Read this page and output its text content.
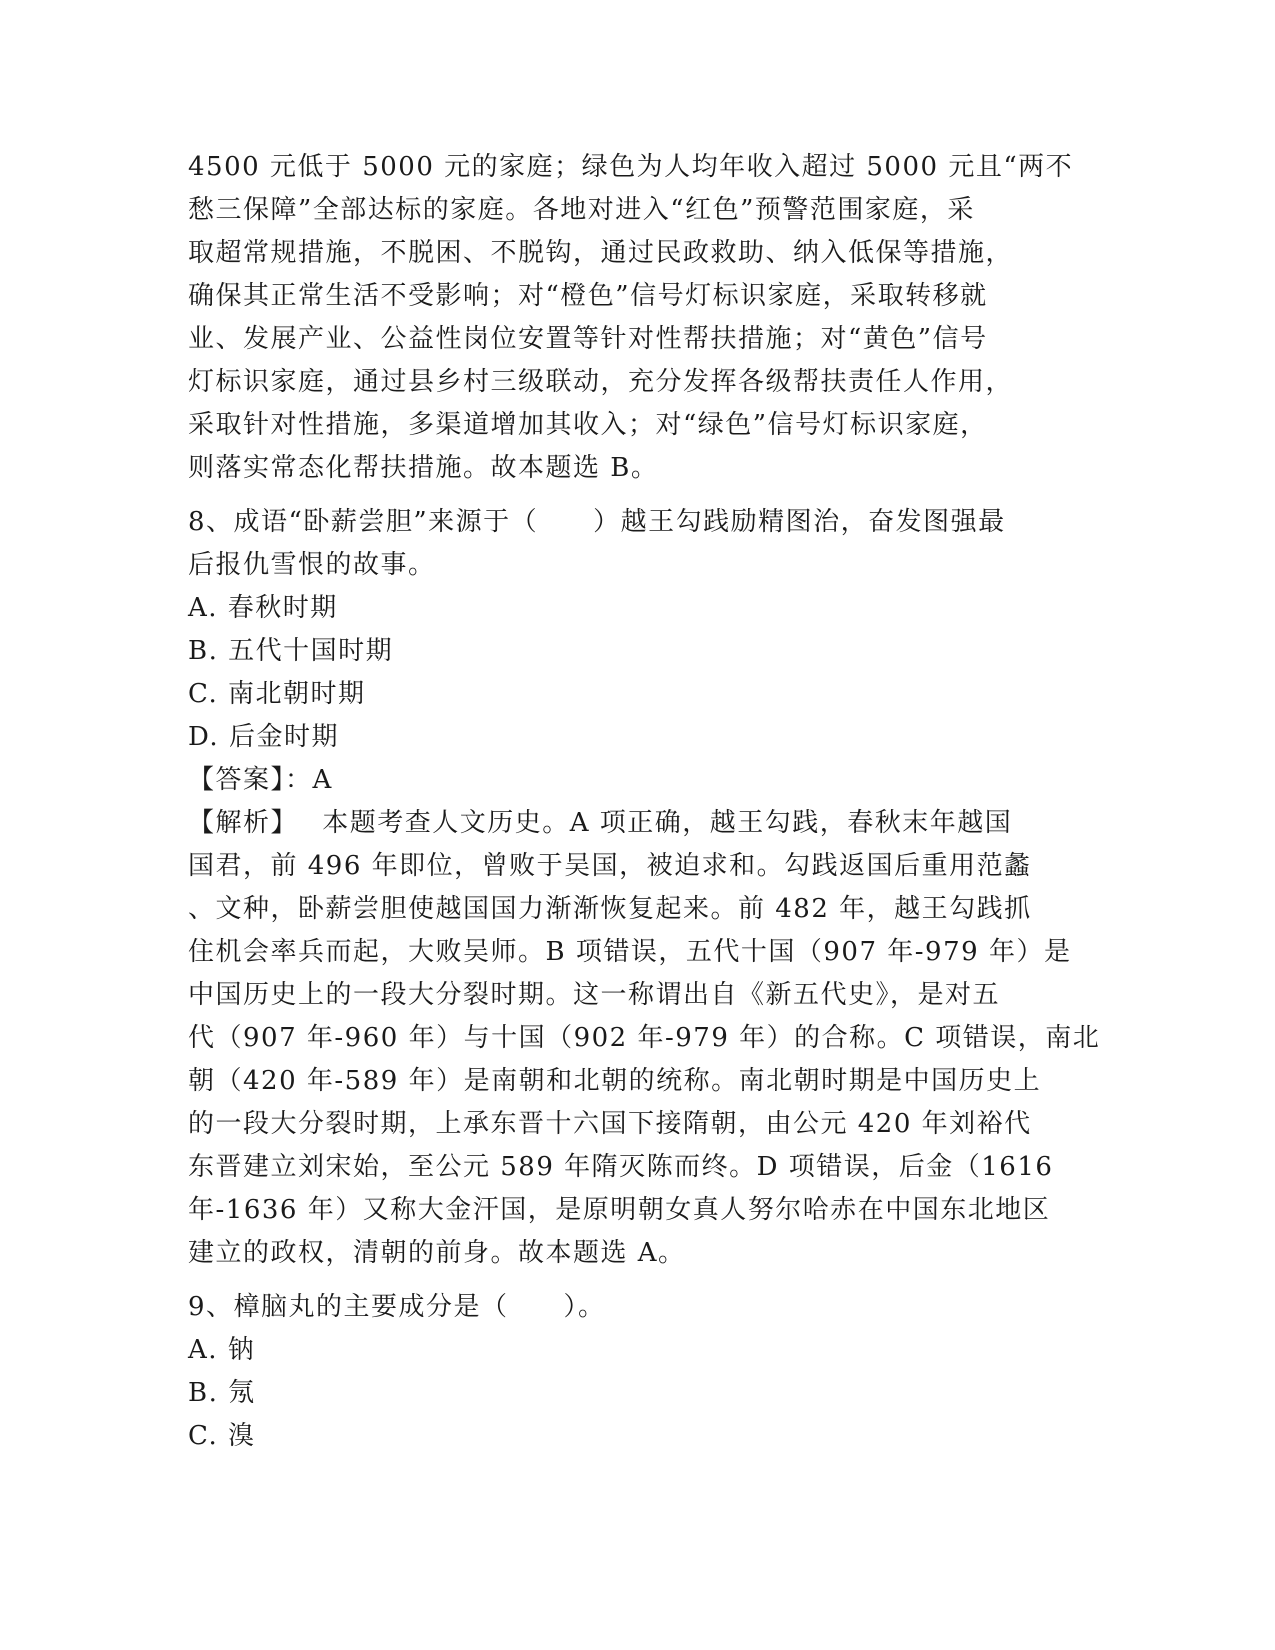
4500 元低于 5000 元的家庭；绿色为人均年收入超过 5000 元且“两不
愁三保障”全部达标的家庭。各地对进入“红色”预警范围家庭，采
取超常规措施，不脱困、不脱钩，通过民政救助、纳入低保等措施，
确保其正常生活不受影响；对“橙色”信号灯标识家庭，采取转移就
业、发展产业、公益性岗位安置等针对性帮扶措施；对“黄色”信号
灯标识家庭，通过县乡村三级联动，充分发挥各级帮扶责任人作用，
采取针对性措施，多渠道增加其收入；对“绿色”信号灯标识家庭，
则落实常态化帮扶措施。故本题选 B。
8、成语“卧薪尝胆”来源于（　　）越王勾践励精图治，奋发图强最
后报仇雪恨的故事。
A. 春秋时期
B. 五代十国时期
C. 南北朝时期
D. 后金时期
【答案】：A
【解析】　 本题考查人文历史。A 项正确，越王勾践，春秋末年越国
国君，前 496 年即位，曾败于吴国，被迫求和。勾践返国后重用范蠡
、文种，卧薪尝胆使越国国力渐渐恢复起来。前 482 年，越王勾践抓
住机会率兵而起，大败吴师。B 项错误，五代十国（907 年-979 年）是
中国历史上的一段大分裂时期。这一称谓出自《新五代史》，是对五
代（907 年-960 年）与十国（902 年-979 年）的合称。C 项错误，南北
朝（420 年-589 年）是南朝和北朝的统称。南北朝时期是中国历史上
的一段大分裂时期，上承东晋十六国下接隋朝，由公元 420 年刘裕代
东晋建立刘宋始，至公元 589 年隋灭陈而终。D 项错误，后金（1616
年-1636 年）又称大金汗国，是原明朝女真人努尔哈赤在中国东北地区
建立的政权，清朝的前身。故本题选 A。
9、樟脑丸的主要成分是（　　）。
A. 钠
B. 氖
C. 溴
